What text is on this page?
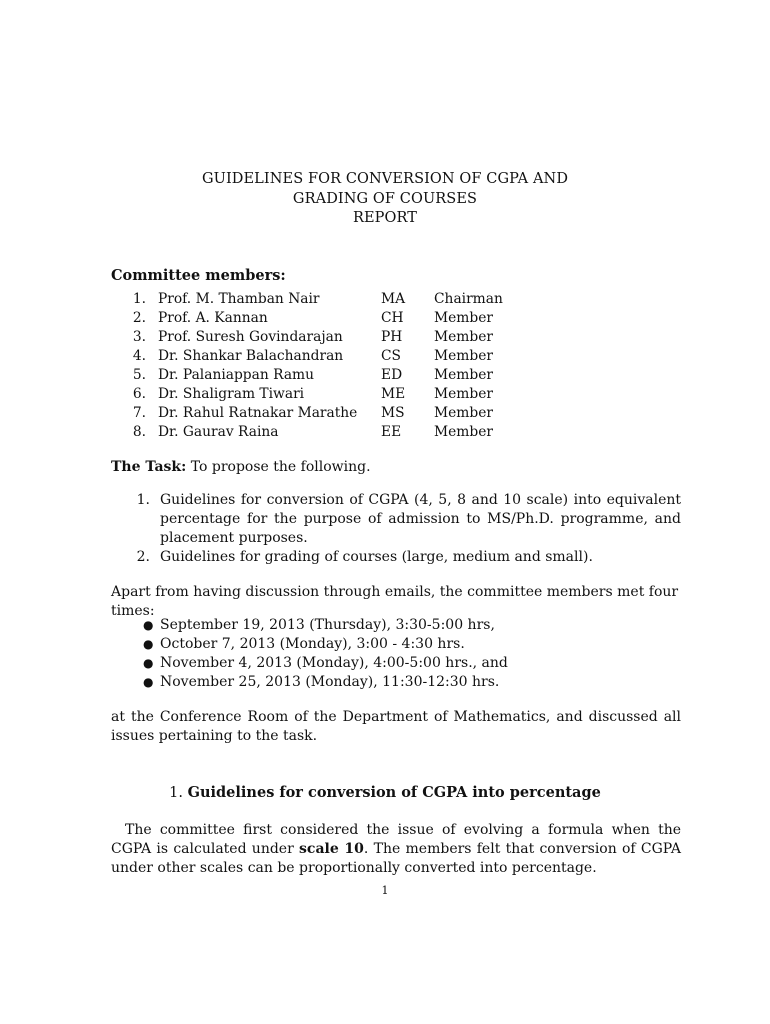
GUIDELINES FOR CONVERSION OF CGPA AND
GRADING OF COURSES
REPORT
Committee members:
1. Prof. M. Thamban Nair	MA Chairman
2. Prof. A. Kannan	CH Member
3. Prof. Suresh Govindarajan	PH Member
4. Dr. Shankar Balachandran	CS Member
5. Dr. Palaniappan Ramu	ED Member
6. Dr. Shaligram Tiwari	ME Member
7. Dr. Rahul Ratnakar Marathe MS Member
8. Dr. Gaurav Raina	EE Member
The Task: To propose the following.
1. Guidelines for conversion of CGPA (4, 5, 8 and 10 scale) into equivalent percentage for the purpose of admission to MS/Ph.D. programme, and placement purposes.
2. Guidelines for grading of courses (large, medium and small).
Apart from having discussion through emails, the committee members met four times:
● September 19, 2013 (Thursday), 3:30-5:00 hrs,
● October 7, 2013 (Monday), 3:00 - 4:30 hrs.
● November 4, 2013 (Monday), 4:00-5:00 hrs., and
● November 25, 2013 (Monday), 11:30-12:30 hrs.
at the Conference Room of the Department of Mathematics, and discussed all issues pertaining to the task.
1. Guidelines for conversion of CGPA into percentage
The committee first considered the issue of evolving a formula when the CGPA is calculated under scale 10. The members felt that conversion of CGPA under other scales can be proportionally converted into percentage.
1
